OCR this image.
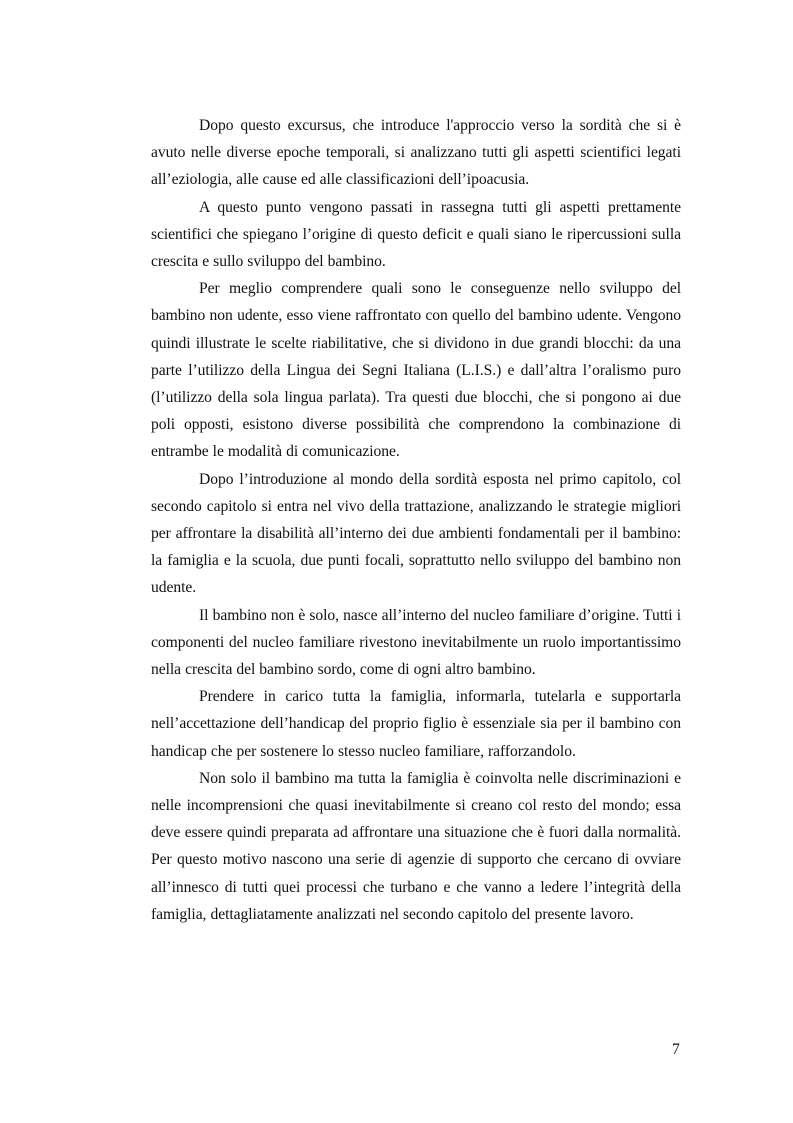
Dopo questo excursus, che introduce l'approccio verso la sordità che si è avuto nelle diverse epoche temporali, si analizzano tutti gli aspetti scientifici legati all’eziologia, alle cause ed alle classificazioni dell’ipoacusia.

A questo punto vengono passati in rassegna tutti gli aspetti prettamente scientifici che spiegano l’origine di questo deficit e quali siano le ripercussioni sulla crescita e sullo sviluppo del bambino.

Per meglio comprendere quali sono le conseguenze nello sviluppo del bambino non udente, esso viene raffrontato con quello del bambino udente. Vengono quindi illustrate le scelte riabilitative, che si dividono in due grandi blocchi: da una parte l’utilizzo della Lingua dei Segni Italiana (L.I.S.) e dall’altra l’oralismo puro (l’utilizzo della sola lingua parlata). Tra questi due blocchi, che si pongono ai due poli opposti, esistono diverse possibilità che comprendono la combinazione di entrambe le modalità di comunicazione.

Dopo l’introduzione al mondo della sordità esposta nel primo capitolo, col secondo capitolo si entra nel vivo della trattazione, analizzando le strategie migliori per affrontare la disabilità all’interno dei due ambienti fondamentali per il bambino: la famiglia e la scuola, due punti focali, soprattutto nello sviluppo del bambino non udente.

Il bambino non è solo, nasce all’interno del nucleo familiare d’origine. Tutti i componenti del nucleo familiare rivestono inevitabilmente un ruolo importantissimo nella crescita del bambino sordo, come di ogni altro bambino.

Prendere in carico tutta la famiglia, informarla, tutelarla e supportarla nell’accettazione dell’handicap del proprio figlio è essenziale sia per il bambino con handicap che per sostenere lo stesso nucleo familiare, rafforzandolo.

Non solo il bambino ma tutta la famiglia è coinvolta nelle discriminazioni e nelle incomprensioni che quasi inevitabilmente si creano col resto del mondo; essa deve essere quindi preparata ad affrontare una situazione che è fuori dalla normalità. Per questo motivo nascono una serie di agenzie di supporto che cercano di ovviare all’innesco di tutti quei processi che turbano e che vanno a ledere l’integrità della famiglia, dettagliatamente analizzati nel secondo capitolo del presente lavoro.

7
